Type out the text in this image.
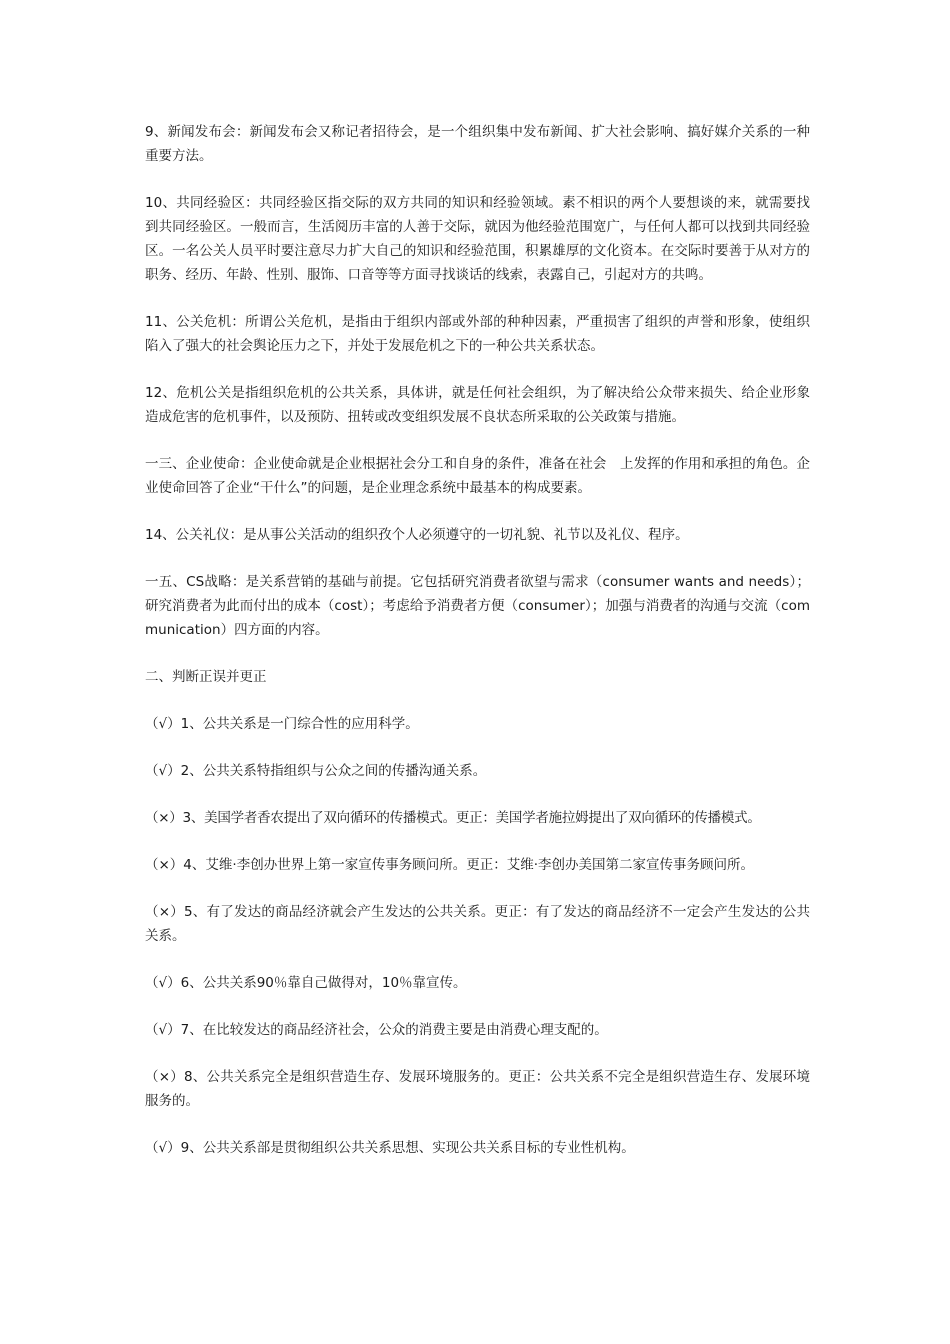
9、新闻发布会：新闻发布会又称记者招待会，是一个组织集中发布新闻、扩大社会影响、搞好媒介关系的一种重要方法。

10、共同经验区：共同经验区指交际的双方共同的知识和经验领域。素不相识的两个人要想谈的来，就需要找到共同经验区。一般而言，生活阅历丰富的人善于交际，就因为他经验范围宽广，与任何人都可以找到共同经验区。一名公关人员平时要注意尽力扩大自己的知识和经验范围，积累雄厚的文化资本。在交际时要善于从对方的职务、经历、年龄、性别、服饰、口音等等方面寻找谈话的线索，表露自己，引起对方的共鸣。

11、公关危机：所谓公关危机，是指由于组织内部或外部的种种因素，严重损害了组织的声誉和形象，使组织陷入了强大的社会舆论压力之下，并处于发展危机之下的一种公共关系状态。

12、危机公关是指组织危机的公共关系，具体讲，就是任何社会组织，为了解决给公众带来损失、给企业形象造成危害的危机事件，以及预防、扭转或改变组织发展不良状态所采取的公关政策与措施。

一三、企业使命：企业使命就是企业根据社会分工和自身的条件，准备在社会　上发挥的作用和承担的角色。企业使命回答了企业“干什么”的问题，是企业理念系统中最基本的构成要素。

14、公关礼仪：是从事公关活动的组织孜个人必须遵守的一切礼貌、礼节以及礼仪、程序。

一五、CS战略：是关系营销的基础与前提。它包括研究消费者欲望与需求（consumer wants and needs）；研究消费者为此而付出的成本（cost）；考虑给予消费者方便（consumer）；加强与消费者的沟通与交流（communication）四方面的内容。

二、判断正误并更正

（√）1、公共关系是一门综合性的应用科学。

（√）2、公共关系特指组织与公众之间的传播沟通关系。

（×）3、美国学者香农提出了双向循环的传播模式。更正：美国学者施拉姆提出了双向循环的传播模式。

（×）4、艾维·李创办世界上第一家宣传事务顾问所。更正：艾维·李创办美国第二家宣传事务顾问所。

（×）5、有了发达的商品经济就会产生发达的公共关系。更正：有了发达的商品经济不一定会产生发达的公共关系。

（√）6、公共关系90％靠自己做得对，10％靠宣传。

（√）7、在比较发达的商品经济社会，公众的消费主要是由消费心理支配的。

（×）8、公共关系完全是组织营造生存、发展环境服务的。更正：公共关系不完全是组织营造生存、发展环境服务的。

（√）9、公共关系部是贯彻组织公共关系思想、实现公共关系目标的专业性机构。
